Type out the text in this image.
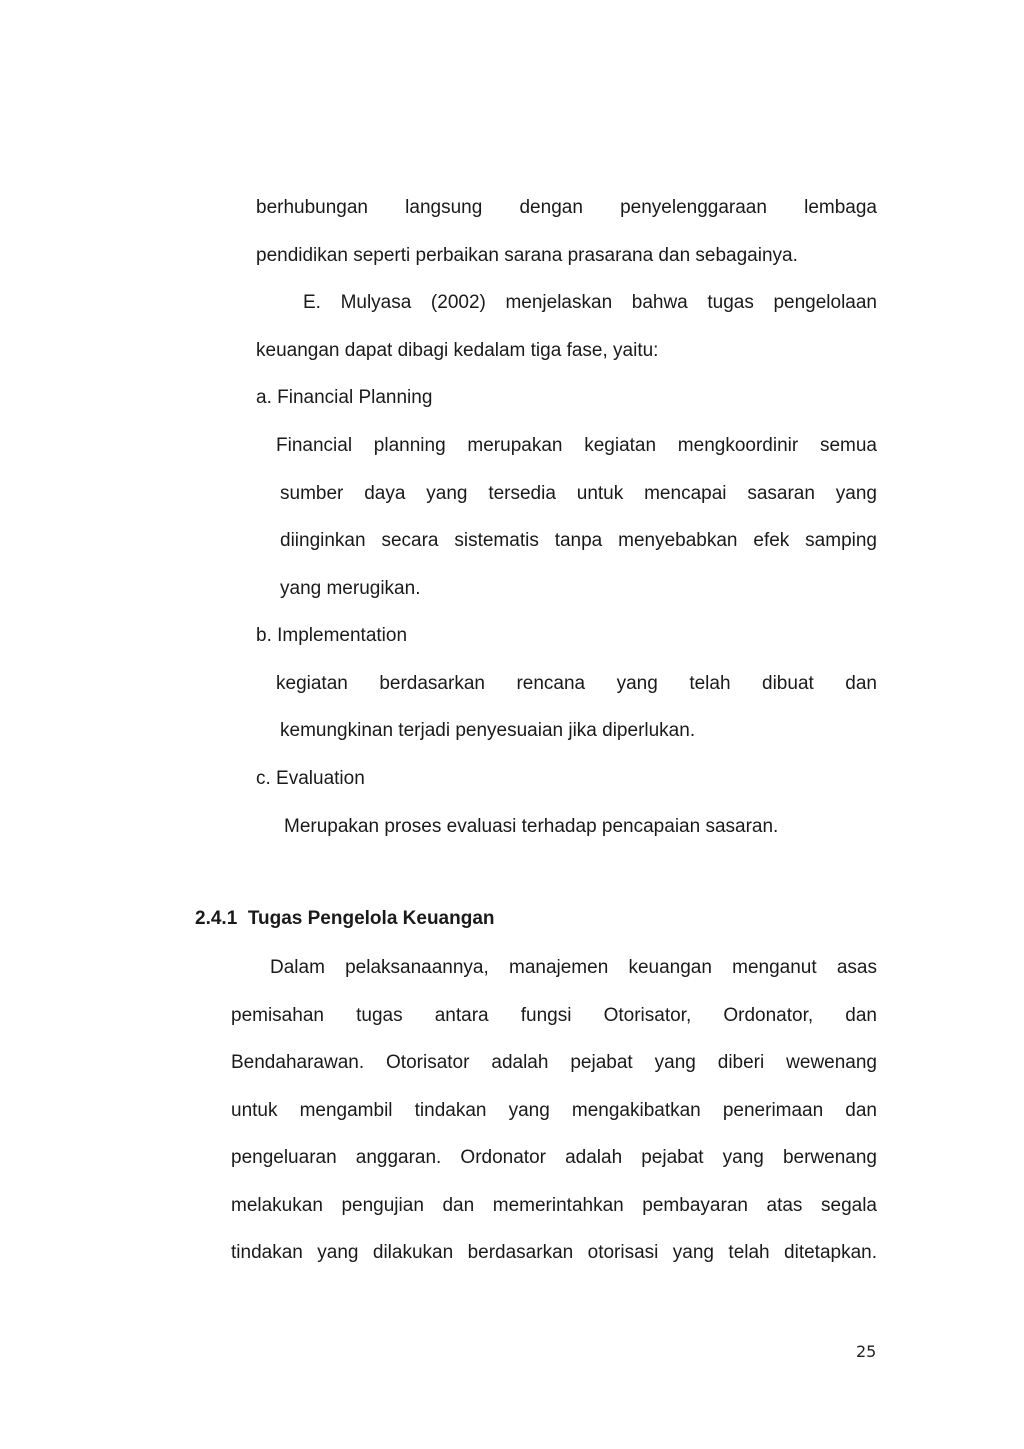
berhubungan langsung dengan penyelenggaraan lembaga
pendidikan seperti perbaikan sarana prasarana dan sebagainya.
E. Mulyasa (2002) menjelaskan bahwa tugas pengelolaan
keuangan dapat dibagi kedalam tiga fase, yaitu:
a. Financial Planning
Financial planning merupakan kegiatan mengkoordinir semua
sumber daya yang tersedia untuk mencapai sasaran yang
diinginkan secara sistematis tanpa menyebabkan efek samping
yang merugikan.
b. Implementation
kegiatan berdasarkan rencana yang telah dibuat dan
kemungkinan terjadi penyesuaian jika diperlukan.
c. Evaluation
Merupakan proses evaluasi terhadap pencapaian sasaran.
2.4.1  Tugas Pengelola Keuangan
Dalam pelaksanaannya, manajemen keuangan menganut asas
pemisahan tugas antara fungsi Otorisator, Ordonator, dan
Bendaharawan. Otorisator adalah pejabat yang diberi wewenang
untuk mengambil tindakan yang mengakibatkan penerimaan dan
pengeluaran anggaran. Ordonator adalah pejabat yang berwenang
melakukan pengujian dan memerintahkan pembayaran atas segala
tindakan yang dilakukan berdasarkan otorisasi yang telah ditetapkan.
25
